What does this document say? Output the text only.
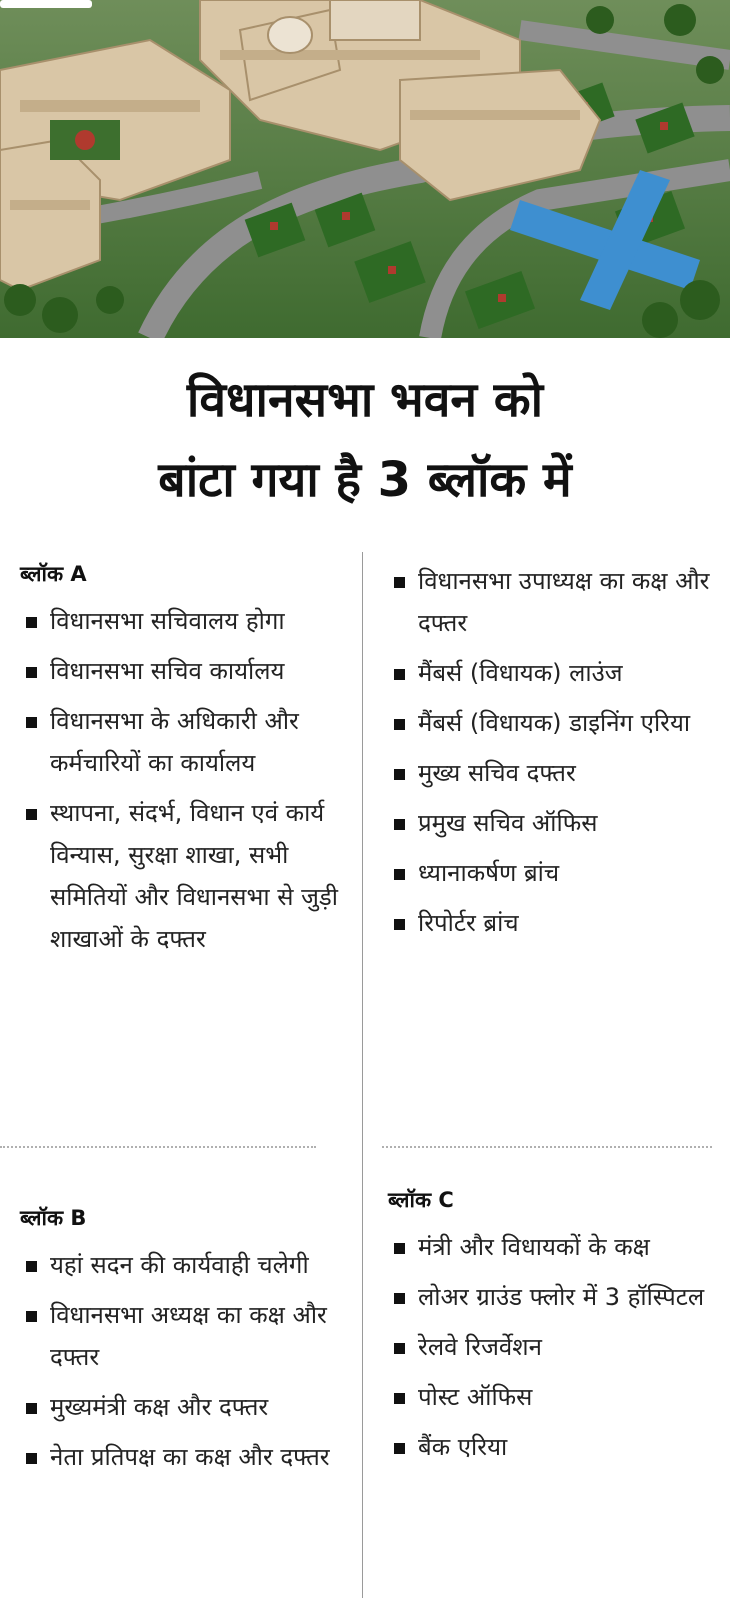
विधानसभा भवन को
बांटा गया है 3 ब्लॉक में
ब्लॉक A
विधानसभा सचिवालय होगा
विधानसभा सचिव कार्यालय
विधानसभा के अधिकारी और कर्मचारियों का कार्यालय
स्थापना, संदर्भ, विधान एवं कार्य विन्यास, सुरक्षा शाखा, सभी समितियों और विधानसभा से जुड़ी शाखाओं के दफ्तर
विधानसभा उपाध्यक्ष का कक्ष और दफ्तर
मैंबर्स (विधायक) लाउंज
मैंबर्स (विधायक) डाइनिंग एरिया
मुख्य सचिव दफ्तर
प्रमुख सचिव ऑफिस
ध्यानाकर्षण ब्रांच
रिपोर्टर ब्रांच
ब्लॉक B
यहां सदन की कार्यवाही चलेगी
विधानसभा अध्यक्ष का कक्ष और दफ्तर
मुख्यमंत्री कक्ष और दफ्तर
नेता प्रतिपक्ष का कक्ष और दफ्तर
ब्लॉक C
मंत्री और विधायकों के कक्ष
लोअर ग्राउंड फ्लोर में 3 हॉस्पिटल
रेलवे रिजर्वेशन
पोस्ट ऑफिस
बैंक एरिया
